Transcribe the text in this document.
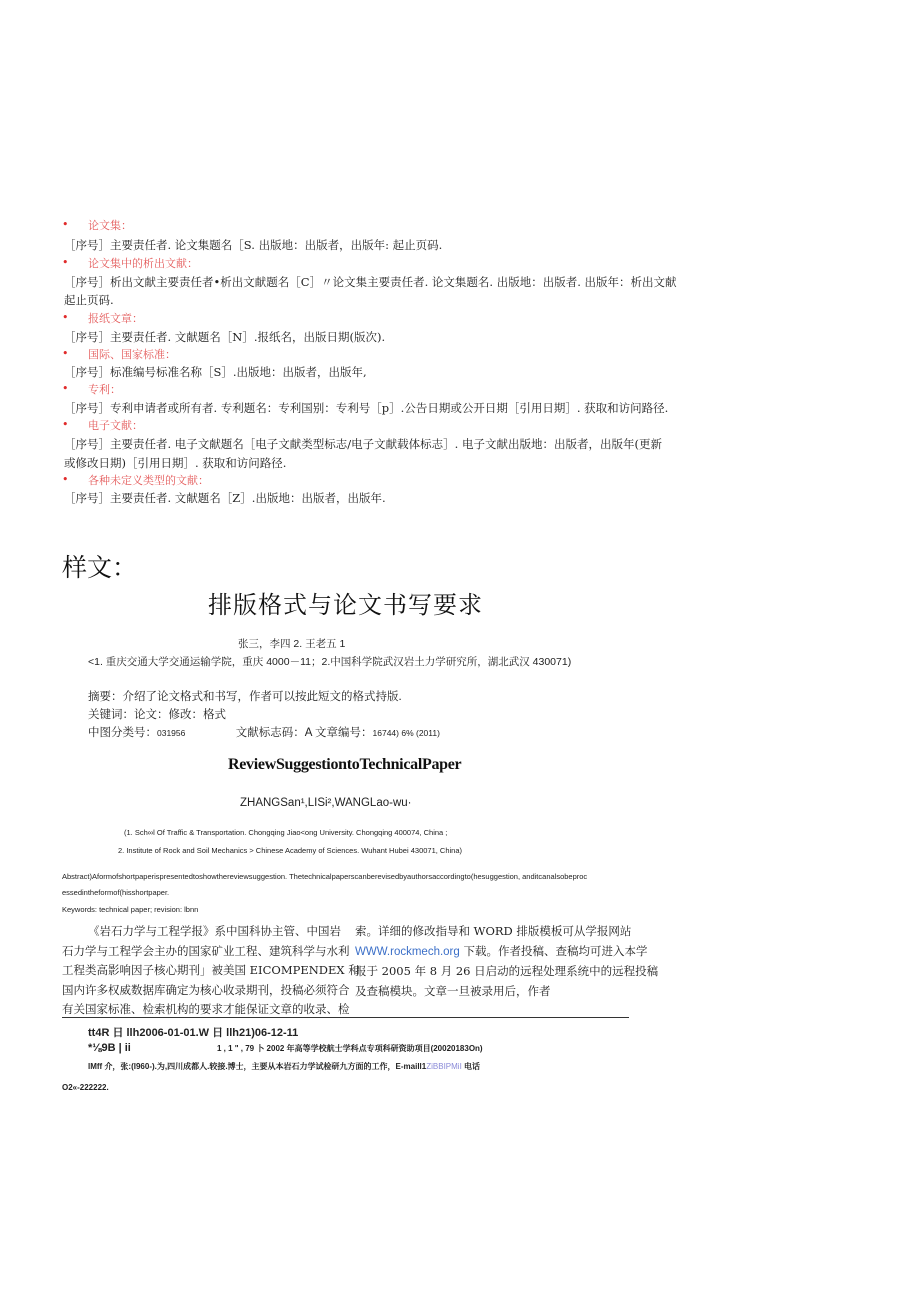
• 论文集：
［序号］主要责任者. 论文集题名［S. 出版地：出版者，出版年: 起止页码.
• 论文集中的析出文献：
［序号］析出文献主要责任者•析出文献题名［C］〃论文集主要责任者. 论文集题名. 出版地：出版者. 出版年：析出文献
起止页码.
• 报纸文章：
［序号］主要责任者. 文献题名［N］.报纸名，出版日期(版次).
• 国际、国家标准：
［序号］标准编号标准名称［S］.出版地：出版者，出版年,
• 专利：
［序号］专利申请者或所有者. 专利题名：专利国别：专利号［p］.公告日期或公开日期［引用日期］. 获取和访问路径.
• 电子文献：
［序号］主要责任者. 电子文献题名［电子文献类型标志/电子文献载体标志］. 电子文献出版地：出版者，出版年(更新
或修改日期)［引用日期］. 获取和访问路径.
• 各种未定义类型的文献：
［序号］主要责任者. 文献题名［Z］.出版地：出版者，出版年.
样文：
排版格式与论文书写要求
张三，李四 2. 王老五 1
<1. 重庆交通大学交通运输学院，重庆 4000－11；2.中国科学院武汉岩土力学研究所，湖北武汉 430071)
摘要：介绍了论文格式和书写，作者可以按此短文的格式持版.
关键词：论文：修改：格式
中图分类号：031956	文献标志码：A 文章编号：16744) 6% (2011)
ReviewSuggestiontoTechnicalPaper
ZHANGSan¹,LISi²,WANGLao-wu·
(1. Sch∞l Of Traffic & Transportation. Chongqing Jiao<ong University. Chongqing 400074, China ;
2. Institute of Rock and Soil Mechanics > Chinese Academy of Sciences. Wuhant Hubei 430071, China)
Abstract)Aformofshortpaperispresentedtoshowthereviewsuggestion. Thetechnicalpaperscanberevisedbyauthorsaccordingto(hesuggestion, anditcanalsobeproc
essedintheformof(hisshortpaper.
Keywords: technical paper; revision: lbnn
《岩石力学与工程学报》系中国科协主管、中国岩
石力学与工程学会主办的国家矿业工程、建筑科学与水利
工程类高影响因子核心期刊」被美国 EICOMPENDEX 和
国内许多权威数据库确定为核心收录期刊，投稿必须符合
有关国家标准、检索机构的要求才能保证文章的收录、检
索。详细的修改指导和 WORD 排版模板可从学报网站
WWW.rockmech.org 下载。作者投稿、查稿均可进入本学
报于 2005 年 8 月 26 日启动的远程处理系统中的远程投稿
及查稿模块。文章一旦被录用后，作者
tt4R 日 llh2006-01-01.W 日 llh21)06-12-11
*⅛9B | ii	1 , 1 " , 79 卜 2002 年高等学校航士学科点专项科研资助项目(20020183On)
lMff 介，张:(l960-).为,四川成都人.较接.博士，主要从本岩石力学试检研九方面的工作，E-maill1ZiBBIPMiI 电话
O2«-222222.
